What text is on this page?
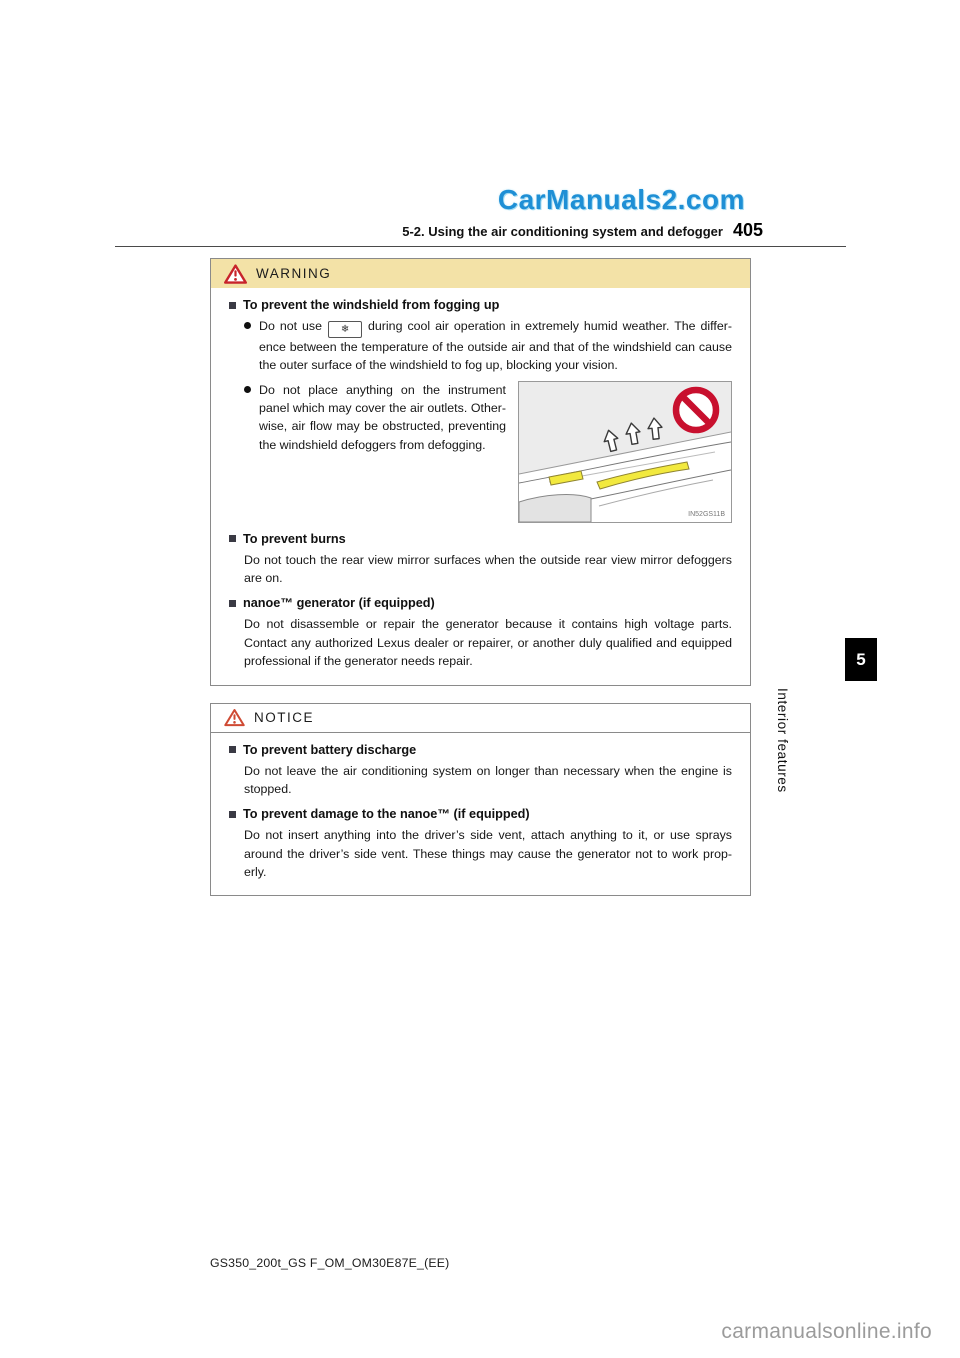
CarManuals2.com
5-2. Using the air conditioning system and defogger 405
WARNING
To prevent the windshield from fogging up
Do not use ❄ during cool air operation in extremely humid weather. The difference between the temperature of the outside air and that of the windshield can cause the outer surface of the windshield to fog up, blocking your vision.
Do not place anything on the instrument panel which may cover the air outlets. Otherwise, air flow may be obstructed, preventing the windshield defoggers from defogging.
IN52GS11B
To prevent burns
Do not touch the rear view mirror surfaces when the outside rear view mirror defoggers are on.
nanoe™ generator (if equipped)
Do not disassemble or repair the generator because it contains high voltage parts. Contact any authorized Lexus dealer or repairer, or another duly qualified and equipped professional if the generator needs repair.
NOTICE
To prevent battery discharge
Do not leave the air conditioning system on longer than necessary when the engine is stopped.
To prevent damage to the nanoe™ (if equipped)
Do not insert anything into the driver’s side vent, attach anything to it, or use sprays around the driver’s side vent. These things may cause the generator not to work properly.
5
Interior features
GS350_200t_GS F_OM_OM30E87E_(EE)
carmanualsonline.info
